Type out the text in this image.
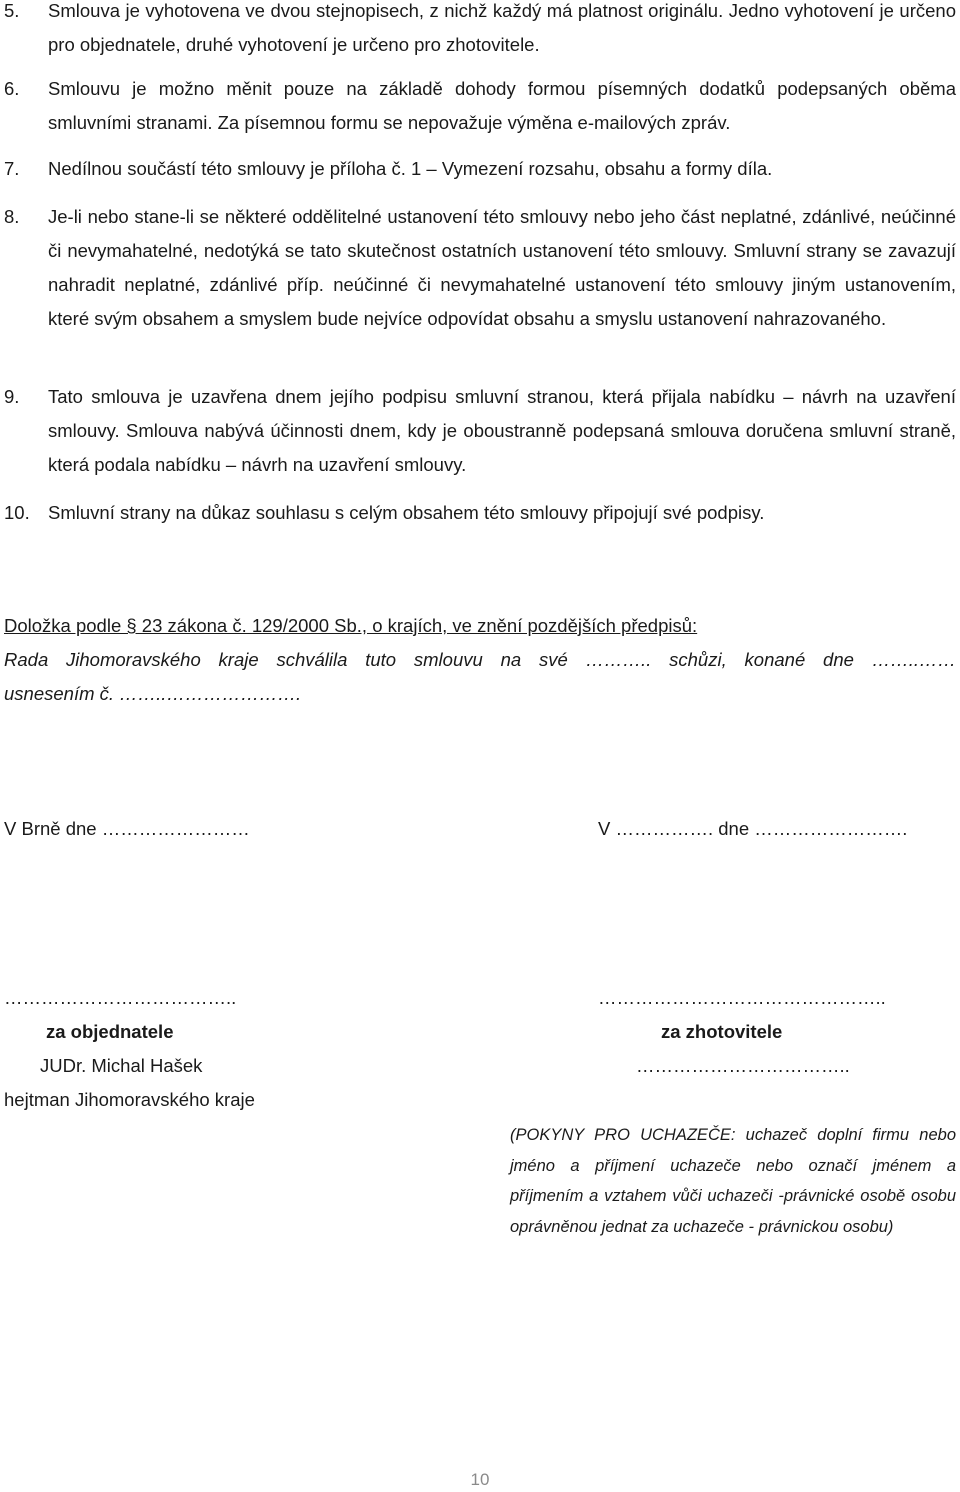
5. Smlouva je vyhotovena ve dvou stejnopisech, z nichž každý má platnost originálu. Jedno vyhotovení je určeno pro objednatele, druhé vyhotovení je určeno pro zhotovitele.
6. Smlouvu je možno měnit pouze na základě dohody formou písemných dodatků podepsaných oběma smluvními stranami. Za písemnou formu se nepovažuje výměna e-mailových zpráv.
7. Nedílnou součástí této smlouvy je příloha č. 1 – Vymezení rozsahu, obsahu a formy díla.
8. Je-li nebo stane-li se některé oddělitelné ustanovení této smlouvy nebo jeho část neplatné, zdánlivé, neúčinné či nevymahatelné, nedotýká se tato skutečnost ostatních ustanovení této smlouvy. Smluvní strany se zavazují nahradit neplatné, zdánlivé příp. neúčinné či nevymahatelné ustanovení této smlouvy jiným ustanovením, které svým obsahem a smyslem bude nejvíce odpovídat obsahu a smyslu ustanovení nahrazovaného.
9. Tato smlouva je uzavřena dnem jejího podpisu smluvní stranou, která přijala nabídku – návrh na uzavření smlouvy. Smlouva nabývá účinnosti dnem, kdy je oboustranně podepsaná smlouva doručena smluvní straně, která podala nabídku – návrh na uzavření smlouvy.
10. Smluvní strany na důkaz souhlasu s celým obsahem této smlouvy připojují své podpisy.
Doložka podle § 23 zákona č. 129/2000 Sb., o krajích, ve znění pozdějších předpisů:
Rada Jihomoravského kraje schválila tuto smlouvu na své ……….. schůzi, konané dne ……..……
usnesením č. ……..………………….
V Brně dne ……………………	V ……………. dne …………………….
………………………………..	………………………………………..
za objednatele	za zhotovitele
JUDr. Michal Hašek	……………………………..
hejtman Jihomoravského kraje
(POKYNY PRO UCHAZEČE: uchazeč doplní firmu nebo jméno a příjmení uchazeče nebo označí jménem a příjmením a vztahem vůči uchazeči -právnické osobě osobu oprávněnou jednat za uchazeče - právnickou osobu)
10
